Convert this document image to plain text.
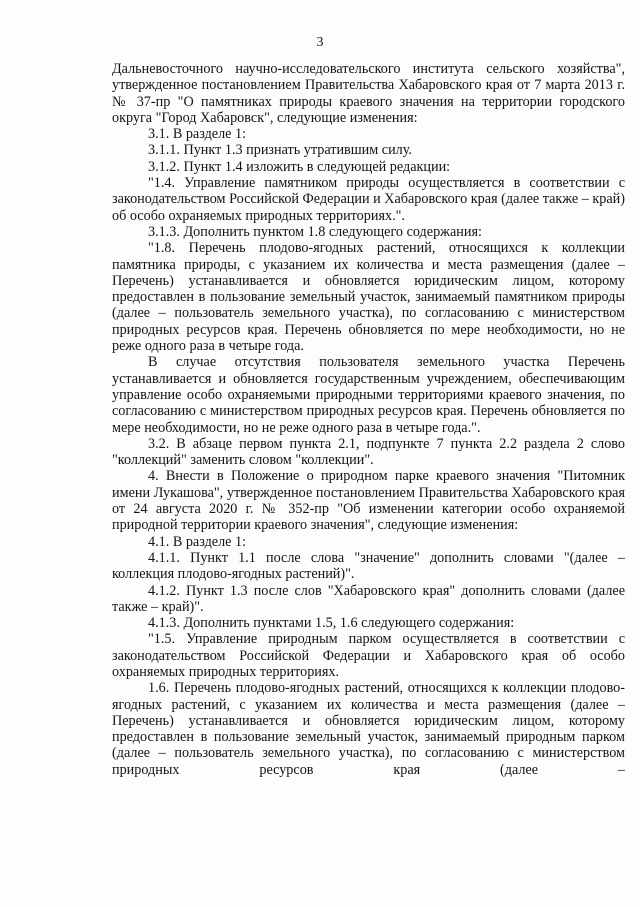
3

Дальневосточного научно-исследовательского института сельского хозяйства", утвержденное постановлением Правительства Хабаровского края от 7 марта 2013 г. № 37-пр "О памятниках природы краевого значения на территории городского округа "Город Хабаровск", следующие изменения:

3.1. В разделе 1:

3.1.1. Пункт 1.3 признать утратившим силу.

3.1.2. Пункт 1.4 изложить в следующей редакции:

"1.4. Управление памятником природы осуществляется в соответствии с законодательством Российской Федерации и Хабаровского края (далее также – край) об особо охраняемых природных территориях.".

3.1.3. Дополнить пунктом 1.8 следующего содержания:

"1.8. Перечень плодово-ягодных растений, относящихся к коллекции памятника природы, с указанием их количества и места размещения (далее – Перечень) устанавливается и обновляется юридическим лицом, которому предоставлен в пользование земельный участок, занимаемый памятником природы (далее – пользователь земельного участка), по согласованию с министерством природных ресурсов края. Перечень обновляется по мере необходимости, но не реже одного раза в четыре года.

В случае отсутствия пользователя земельного участка Перечень устанавливается и обновляется государственным учреждением, обеспечивающим управление особо охраняемыми природными территориями краевого значения, по согласованию с министерством природных ресурсов края. Перечень обновляется по мере необходимости, но не реже одного раза в четыре года.".

3.2. В абзаце первом пункта 2.1, подпункте 7 пункта 2.2 раздела 2 слово "коллекций" заменить словом "коллекции".

4. Внести в Положение о природном парке краевого значения "Питомник имени Лукашова", утвержденное постановлением Правительства Хабаровского края от 24 августа 2020 г. № 352-пр "Об изменении категории особо охраняемой природной территории краевого значения", следующие изменения:

4.1. В разделе 1:

4.1.1. Пункт 1.1 после слова "значение" дополнить словами "(далее – коллекция плодово-ягодных растений)".

4.1.2. Пункт 1.3 после слов "Хабаровского края" дополнить словами (далее также – край)".

4.1.3. Дополнить пунктами 1.5, 1.6 следующего содержания:

"1.5. Управление природным парком осуществляется в соответствии с законодательством Российской Федерации и Хабаровского края об особо охраняемых природных территориях.

1.6. Перечень плодово-ягодных растений, относящихся к коллекции плодово-ягодных растений, с указанием их количества и места размещения (далее – Перечень) устанавливается и обновляется юридическим лицом, которому предоставлен в пользование земельный участок, занимаемый природным парком (далее – пользователь земельного участка), по согласованию с министерством природных ресурсов края (далее –
